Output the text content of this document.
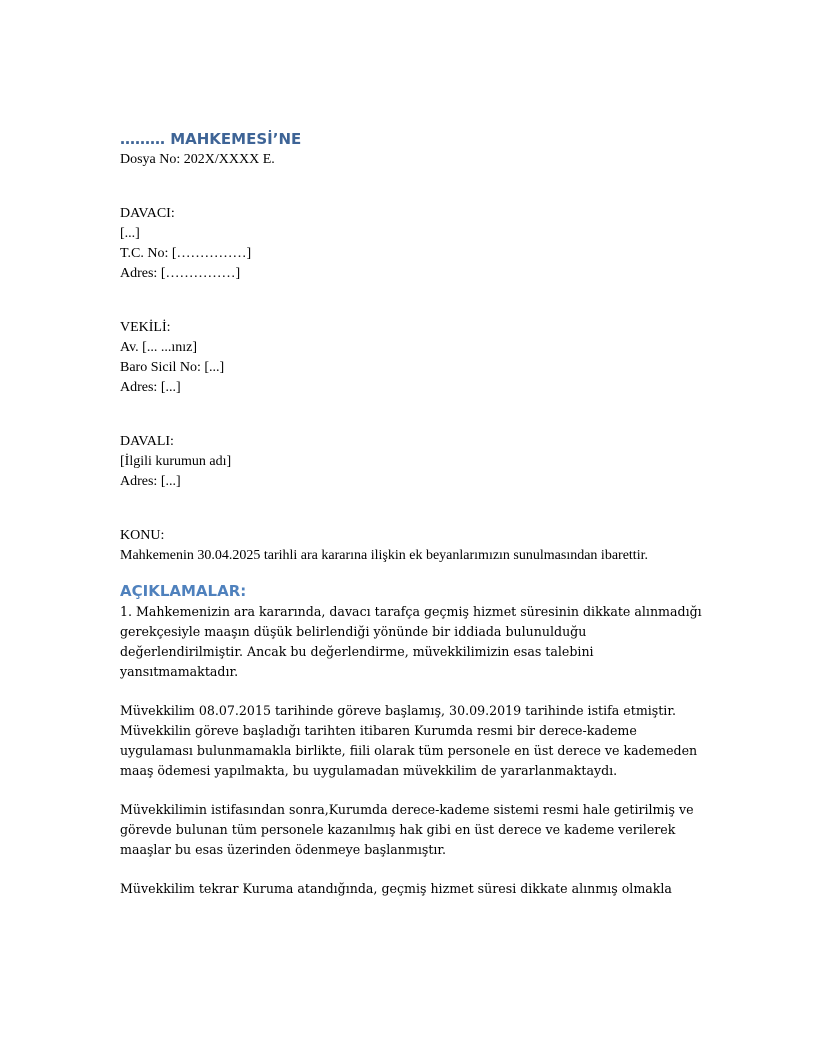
……… MAHKEMESİ’NE
Dosya No: 202X/XXXX E.
DAVACI:
[...]
T.C. No: [……………]
Adres: [……………]
VEKİLİ:
Av. [... ...ınız]
Baro Sicil No: [...]
Adres: [...]
DAVALI:
[İlgili kurumun adı]
Adres: [...]
KONU:
Mahkemenin 30.04.2025 tarihli ara kararına ilişkin ek beyanlarımızın sunulmasından ibarettir.
AÇIKLAMALAR:
1. Mahkemenizin ara kararında, davacı tarafça geçmiş hizmet süresinin dikkate alınmadığı
gerekçesiyle maaşın düşük belirlendiği yönünde bir iddiada bulunulduğu
değerlendirilmiştir. Ancak bu değerlendirme, müvekkilimizin esas talebini
yansıtmamaktadır.
Müvekkilim 08.07.2015 tarihinde göreve başlamış, 30.09.2019 tarihinde istifa etmiştir.
Müvekkilin göreve başladığı tarihten itibaren Kurumda resmi bir derece-kademe
uygulaması bulunmamakla birlikte, fiili olarak tüm personele en üst derece ve kademeden
maaş ödemesi yapılmakta, bu uygulamadan müvekkilim de yararlanmaktaydı.
Müvekkilimin istifasından sonra,Kurumda derece-kademe sistemi resmi hale getirilmiş ve
görevde bulunan tüm personele kazanılmış hak gibi en üst derece ve kademe verilerek
maaşlar bu esas üzerinden ödenmeye başlanmıştır.
Müvekkilim tekrar Kuruma atandığında, geçmiş hizmet süresi dikkate alınmış olmakla
